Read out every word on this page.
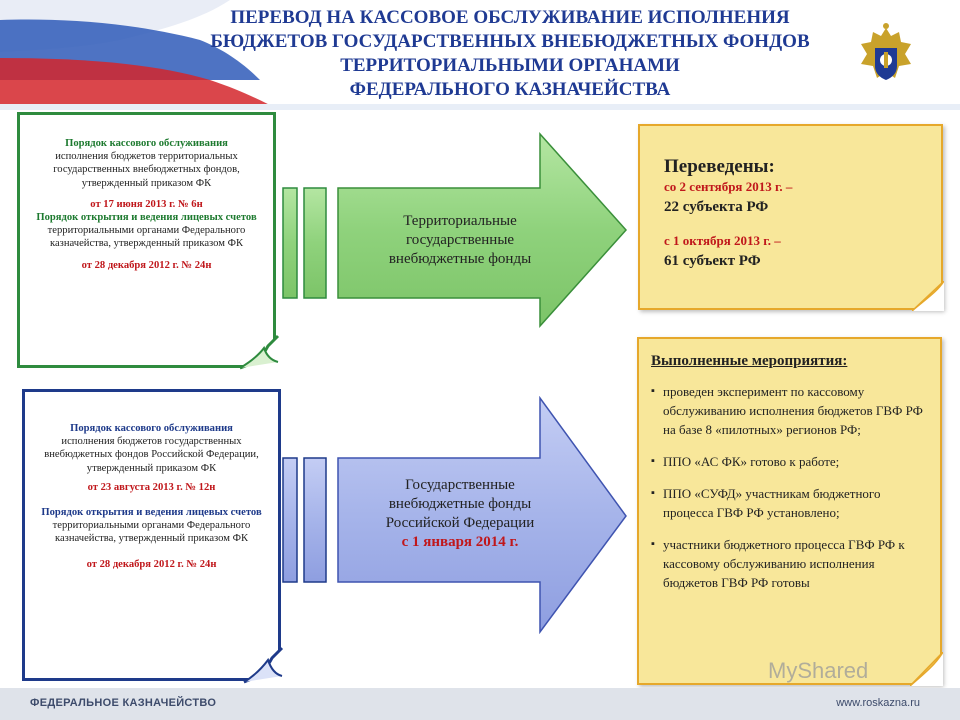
ПЕРЕВОД НА КАССОВОЕ ОБСЛУЖИВАНИЕ ИСПОЛНЕНИЯ
БЮДЖЕТОВ ГОСУДАРСТВЕННЫХ ВНЕБЮДЖЕТНЫХ ФОНДОВ
ТЕРРИТОРИАЛЬНЫМИ ОРГАНАМИ
ФЕДЕРАЛЬНОГО КАЗНАЧЕЙСТВА
Порядок кассового обслуживания
исполнения бюджетов территориальных государственных внебюджетных фондов, утвержденный приказом ФК
от 17 июня 2013 г. № 6н
Порядок открытия и ведения лицевых счетов территориальными органами Федерального казначейства, утвержденный приказом ФК
от 28 декабря 2012 г. № 24н
Порядок кассового обслуживания
исполнения бюджетов государственных внебюджетных фондов Российской Федерации, утвержденный приказом ФК
от 23 августа 2013 г. № 12н
Порядок открытия и ведения лицевых счетов территориальными органами Федерального казначейства, утвержденный приказом ФК
от 28 декабря 2012 г. № 24н
Территориальные
государственные
внебюджетные фонды
Государственные
внебюджетные фонды
Российской Федерации
с 1 января 2014 г.
Переведены:
со 2 сентября 2013 г. –
22 субъекта РФ
с 1 октября 2013 г. –
61 субъект РФ
Выполненные мероприятия:
▪ проведен эксперимент по кассовому обслуживанию исполнения бюджетов ГВФ РФ на базе 8 «пилотных» регионов РФ;
▪ ППО «АС ФК» готово к работе;
▪ ППО «СУФД» участникам бюджетного процесса ГВФ РФ установлено;
▪ участники бюджетного процесса ГВФ РФ к кассовому обслуживанию исполнения бюджетов ГВФ РФ готовы
MyShared
ФЕДЕРАЛЬНОЕ КАЗНАЧЕЙСТВО	www.roskazna.ru
